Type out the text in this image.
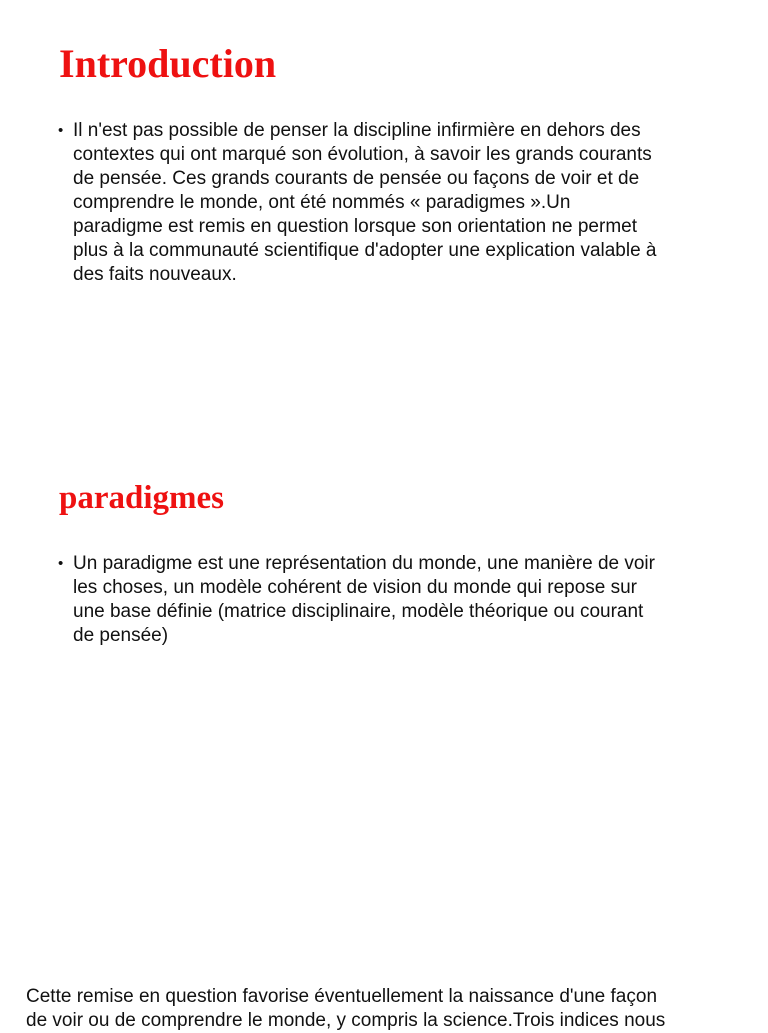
Introduction
• Il n'est pas possible de penser la discipline infirmière en dehors des
contextes qui ont marqué son évolution, à savoir les grands courants
de pensée. Ces grands courants de pensée ou façons de voir et de
comprendre le monde, ont été nommés « paradigmes ».Un
paradigme est remis en question lorsque son orientation ne permet
plus à la communauté scientifique d'adopter une explication valable à
des faits nouveaux.
paradigmes
• Un paradigme est une représentation du monde, une manière de voir
les choses, un modèle cohérent de vision du monde qui repose sur
une base définie (matrice disciplinaire, modèle théorique ou courant
de pensée)
Cette remise en question favorise éventuellement la naissance d'une façon
de voir ou de comprendre le monde, y compris la science.Trois indices nous
